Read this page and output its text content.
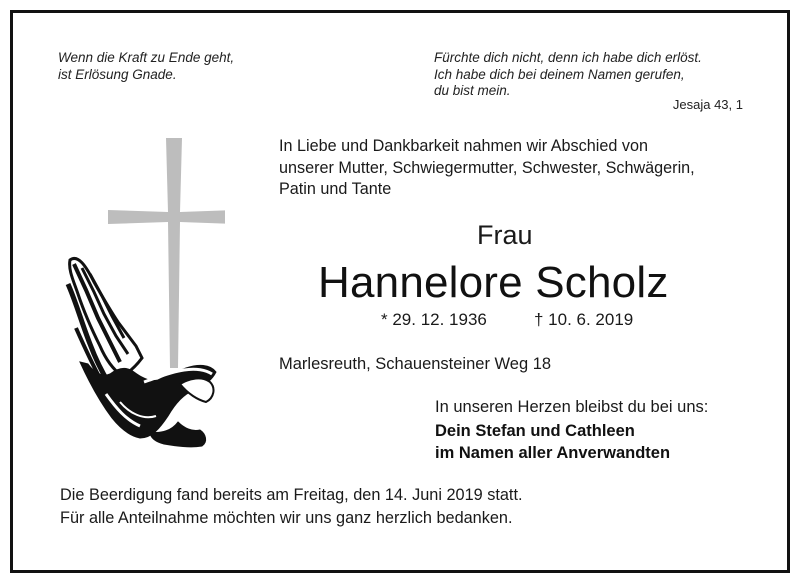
Wenn die Kraft zu Ende geht,
ist Erlösung Gnade.
Fürchte dich nicht, denn ich habe dich erlöst.
Ich habe dich bei deinem Namen gerufen,
du bist mein.
Jesaja 43, 1
In Liebe und Dankbarkeit nahmen wir Abschied von
unserer Mutter, Schwiegermutter, Schwester, Schwägerin,
Patin und Tante
Frau
Hannelore Scholz
* 29. 12. 1936	† 10. 6. 2019
Marlesreuth, Schauensteiner Weg 18
In unseren Herzen bleibst du bei uns:
Dein Stefan und Cathleen
im Namen aller Anverwandten
Die Beerdigung fand bereits am Freitag, den 14. Juni 2019 statt.
Für alle Anteilnahme möchten wir uns ganz herzlich bedanken.
